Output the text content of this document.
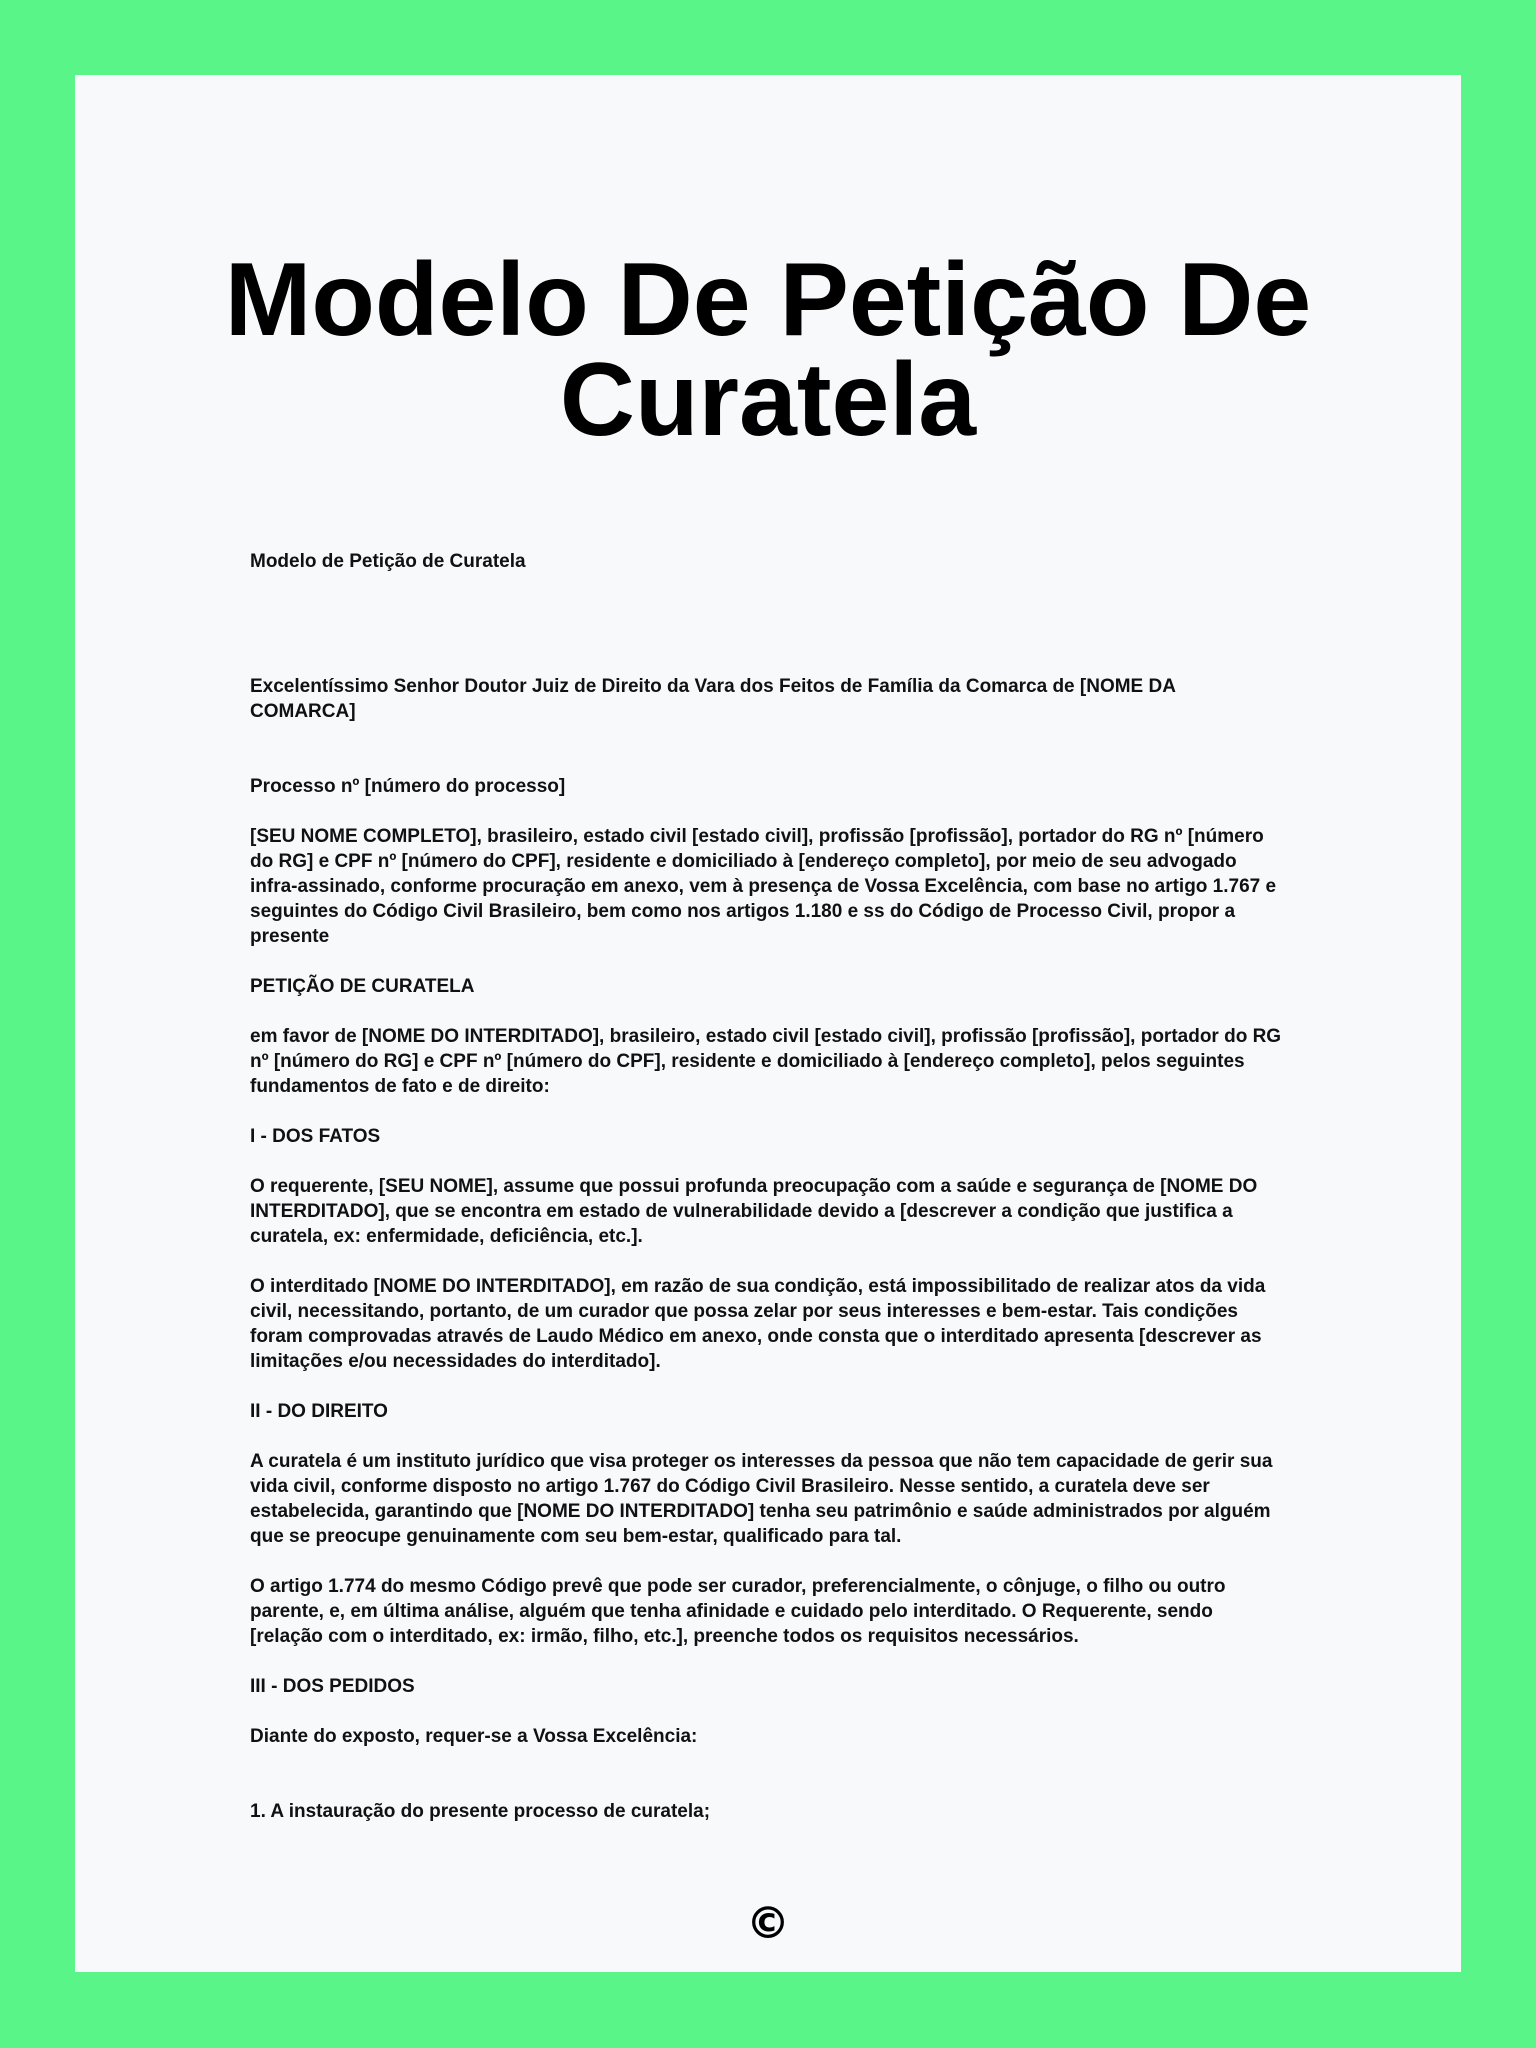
Modelo De Petição De Curatela

Modelo de Petição de Curatela

Excelentíssimo Senhor Doutor Juiz de Direito da Vara dos Feitos de Família da Comarca de [NOME DA COMARCA]

Processo nº [número do processo]

[SEU NOME COMPLETO], brasileiro, estado civil [estado civil], profissão [profissão], portador do RG nº [número do RG] e CPF nº [número do CPF], residente e domiciliado à [endereço completo], por meio de seu advogado infra-assinado, conforme procuração em anexo, vem à presença de Vossa Excelência, com base no artigo 1.767 e seguintes do Código Civil Brasileiro, bem como nos artigos 1.180 e ss do Código de Processo Civil, propor a presente

PETIÇÃO DE CURATELA

em favor de [NOME DO INTERDITADO], brasileiro, estado civil [estado civil], profissão [profissão], portador do RG nº [número do RG] e CPF nº [número do CPF], residente e domiciliado à [endereço completo], pelos seguintes fundamentos de fato e de direito:

I - DOS FATOS

O requerente, [SEU NOME], assume que possui profunda preocupação com a saúde e segurança de [NOME DO INTERDITADO], que se encontra em estado de vulnerabilidade devido a [descrever a condição que justifica a curatela, ex: enfermidade, deficiência, etc.].

O interditado [NOME DO INTERDITADO], em razão de sua condição, está impossibilitado de realizar atos da vida civil, necessitando, portanto, de um curador que possa zelar por seus interesses e bem-estar. Tais condições foram comprovadas através de Laudo Médico em anexo, onde consta que o interditado apresenta [descrever as limitações e/ou necessidades do interditado].

II - DO DIREITO

A curatela é um instituto jurídico que visa proteger os interesses da pessoa que não tem capacidade de gerir sua vida civil, conforme disposto no artigo 1.767 do Código Civil Brasileiro. Nesse sentido, a curatela deve ser estabelecida, garantindo que [NOME DO INTERDITADO] tenha seu patrimônio e saúde administrados por alguém que se preocupe genuinamente com seu bem-estar, qualificado para tal.

O artigo 1.774 do mesmo Código prevê que pode ser curador, preferencialmente, o cônjuge, o filho ou outro parente, e, em última análise, alguém que tenha afinidade e cuidado pelo interditado. O Requerente, sendo [relação com o interditado, ex: irmão, filho, etc.], preenche todos os requisitos necessários.

III - DOS PEDIDOS

Diante do exposto, requer-se a Vossa Excelência:

1. A instauração do presente processo de curatela;

©
